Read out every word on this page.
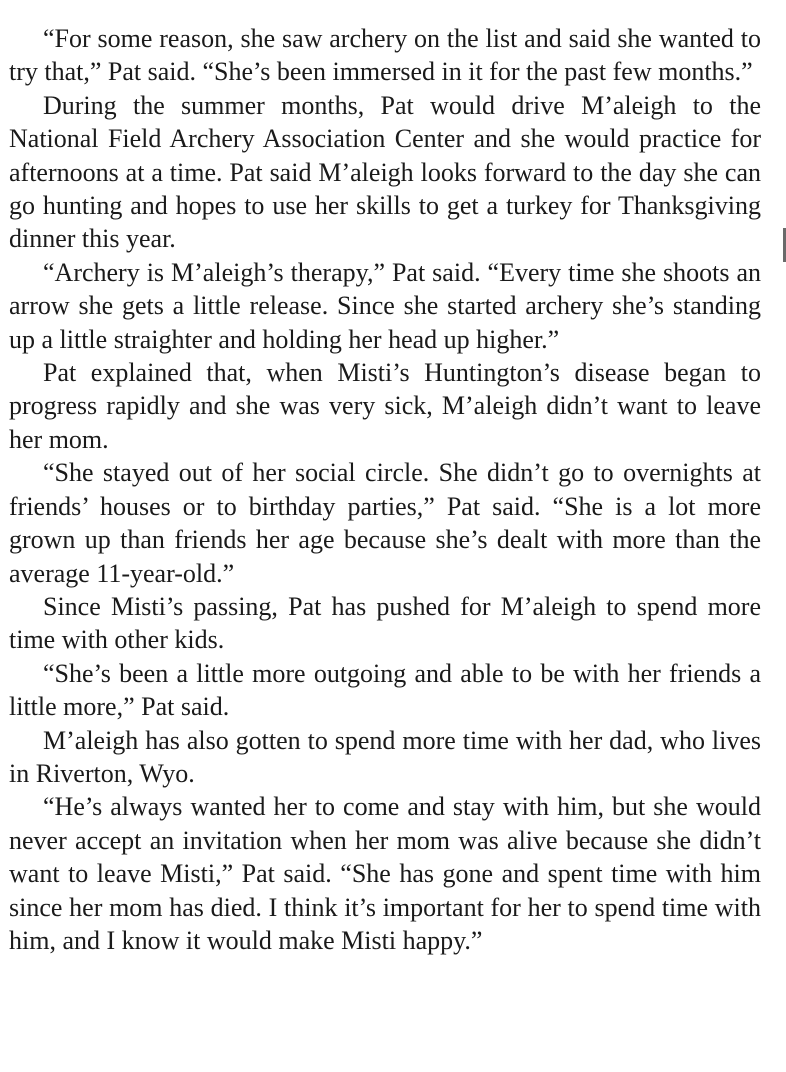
“For some reason, she saw archery on the list and said she wanted to try that,” Pat said. “She’s been immersed in it for the past few months.”

During the summer months, Pat would drive M’aleigh to the National Field Archery Association Center and she would practice for afternoons at a time. Pat said M’aleigh looks forward to the day she can go hunting and hopes to use her skills to get a turkey for Thanksgiving dinner this year.

“Archery is M’aleigh’s therapy,” Pat said. “Every time she shoots an arrow she gets a little release. Since she started archery she’s standing up a little straighter and holding her head up higher.”

Pat explained that, when Misti’s Huntington’s disease began to progress rapidly and she was very sick, M’aleigh didn’t want to leave her mom.

“She stayed out of her social circle. She didn’t go to overnights at friends’ houses or to birthday parties,” Pat said. “She is a lot more grown up than friends her age because she’s dealt with more than the average 11-year-old.”

Since Misti’s passing, Pat has pushed for M’aleigh to spend more time with other kids.

“She’s been a little more outgoing and able to be with her friends a little more,” Pat said.

M’aleigh has also gotten to spend more time with her dad, who lives in Riverton, Wyo.

“He’s always wanted her to come and stay with him, but she would never accept an invitation when her mom was alive because she didn’t want to leave Misti,” Pat said. “She has gone and spent time with him since her mom has died. I think it’s important for her to spend time with him, and I know it would make Misti happy.”
